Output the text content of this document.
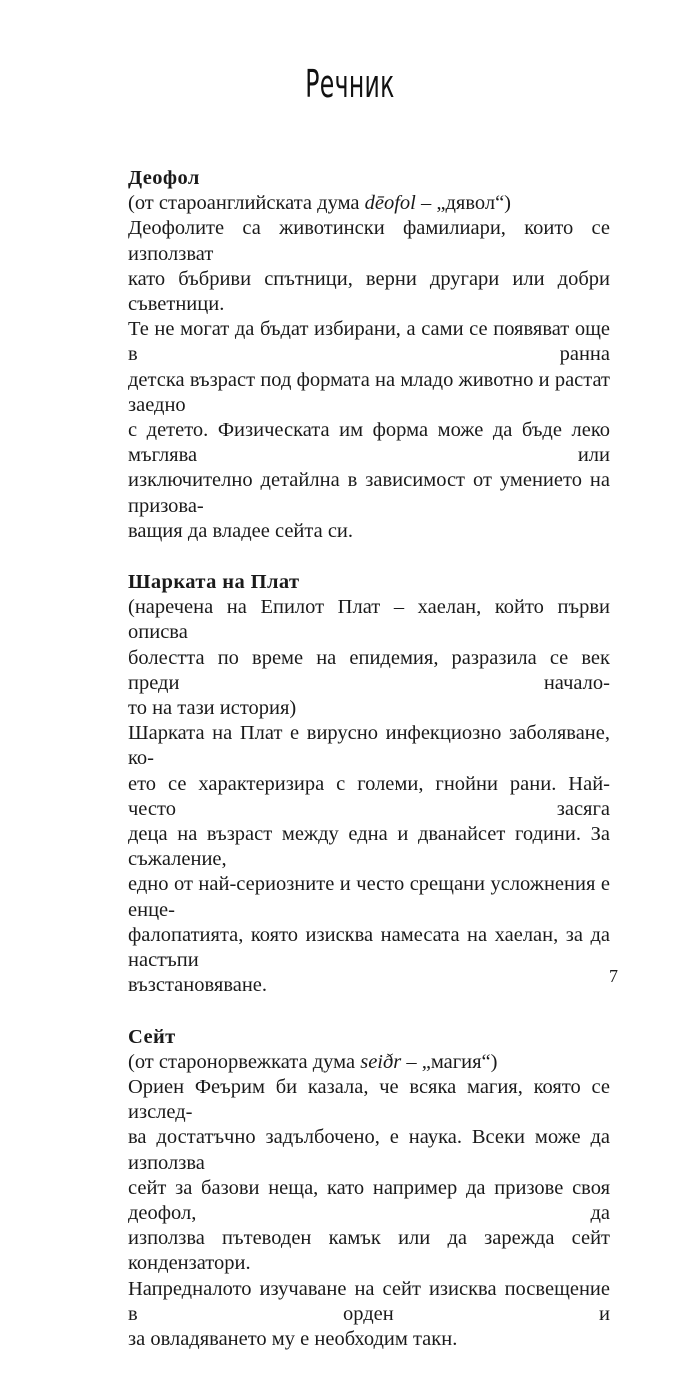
Речник
Деофол
(от староанглийската дума dēofol – „дявол“)
Деофолите са животински фамилиари, които се използват
като бъбриви спътници, верни другари или добри съветници.
Те не могат да бъдат избирани, а сами се появяват още в ранна
детска възраст под формата на младо животно и растат заедно
с детето. Физическата им форма може да бъде леко мъглява или
изключително детайлна в зависимост от умението на призова-
ващия да владее сейта си.
Шарката на Плат
(наречена на Епилот Плат – хаелан, който първи описва
болестта по време на епидемия, разразила се век преди начало-
то на тази история)
Шарката на Плат е вирусно инфекциозно заболяване, ко-
ето се характеризира с големи, гнойни рани. Най-често засяга
деца на възраст между една и дванайсет години. За съжаление,
едно от най-сериозните и често срещани усложнения е енце-
фалопатията, която изисква намесата на хаелан, за да настъпи
възстановяване.
Сейт
(от старонорвежката дума seiðr – „магия“)
Ориен Феърим би казала, че всяка магия, която се изслед-
ва достатъчно задълбочено, е наука. Всеки може да използва
сейт за базови неща, като например да призове своя деофол, да
използва пътеводен камък или да зарежда сейт кондензатори.
Напредналото изучаване на сейт изисква посвещение в орден и
за овладяването му е необходим такн.
7
